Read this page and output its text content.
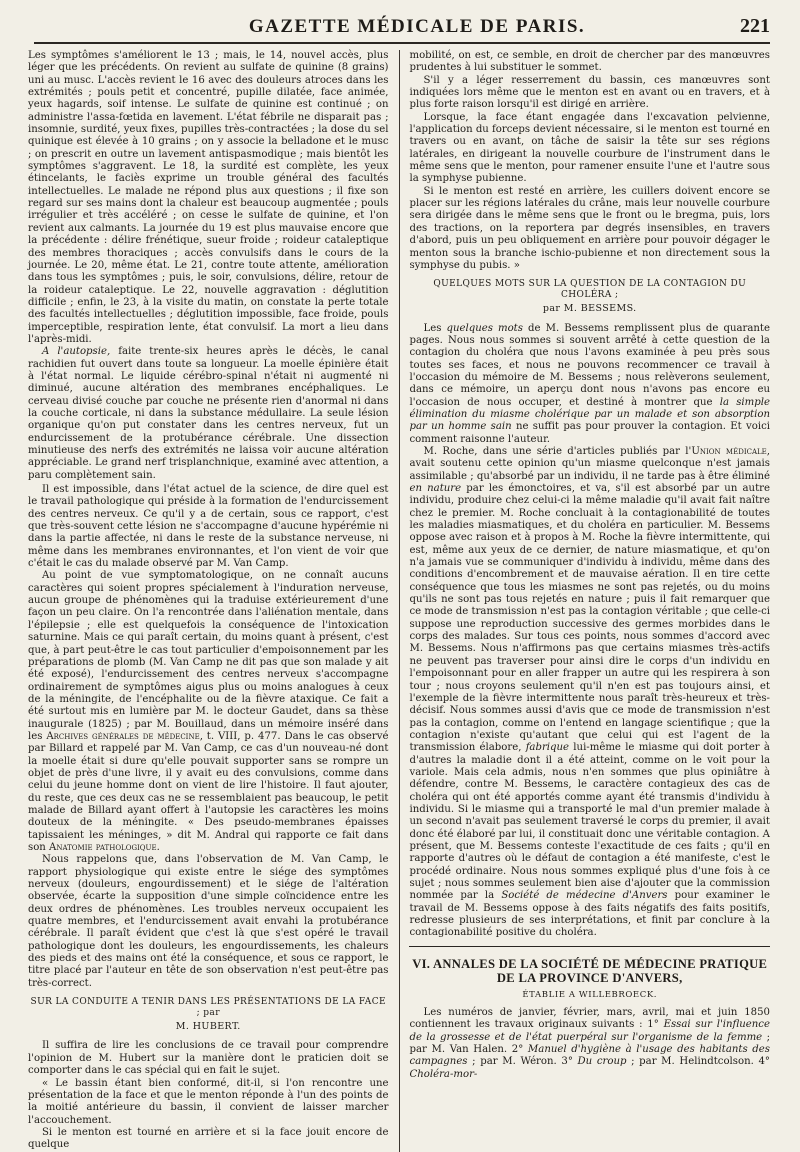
GAZETTE MÉDICALE DE PARIS.	221

Les symptômes s'améliorent le 13 ; mais, le 14, nouvel accès, plus léger que les précédents. On revient au sulfate de quinine (8 grains) uni au musc. L'accès revient le 16 avec des douleurs atroces dans les extrémités ; pouls petit et concentré, pupille dilatée, face animée, yeux hagards, soif intense. Le sulfate de quinine est continué ; on administre l'assa-fœtida en lavement. L'état fébrile ne disparait pas ; insomnie, surdité, yeux fixes, pupilles très-contractées ; la dose du sel quinique est élevée à 10 grains ; on y associe la belladone et le musc ; on prescrit en outre un lavement antispasmodique ; mais bientôt les symptômes s'aggravent. Le 18, la surdité est complète, les yeux étincelants, le faciès exprime un trouble général des facultés intellectuelles. Le malade ne répond plus aux questions ; il fixe son regard sur ses mains dont la chaleur est beaucoup augmentée ; pouls irrégulier et très accéléré ; on cesse le sulfate de quinine, et l'on revient aux calmants. La journée du 19 est plus mauvaise encore que la précédente : délire frénétique, sueur froide ; roideur cataleptique des membres thoraciques ; accès convulsifs dans le cours de la journée. Le 20, même état. Le 21, contre toute attente, amélioration dans tous les symptômes ; puis, le soir, convulsions, délire, retour de la roideur cataleptique. Le 22, nouvelle aggravation : déglutition difficile ; enfin, le 23, à la visite du matin, on constate la perte totale des facultés intellectuelles ; déglutition impossible, face froide, pouls imperceptible, respiration lente, état convulsif. La mort a lieu dans l'après-midi.

A l'autopsie, faite trente-six heures après le décès, le canal rachidien fut ouvert dans toute sa longueur. La moelle épinière était à l'état normal. Le liquide cérébro-spinal n'était ni augmenté ni diminué, aucune altération des membranes encéphaliques. Le cerveau divisé couche par couche ne présente rien d'anormal ni dans la couche corticale, ni dans la substance médullaire. La seule lésion organique qu'on put constater dans les centres nerveux, fut un endurcissement de la protubérance cérébrale. Une dissection minutieuse des nerfs des extrémités ne laissa voir aucune altération appréciable. Le grand nerf trisplanchnique, examiné avec attention, a paru complètement sain.

Il est impossible, dans l'état actuel de la science, de dire quel est le travail pathologique qui préside à la formation de l'endurcissement des centres nerveux. Ce qu'il y a de certain, sous ce rapport, c'est que très-souvent cette lésion ne s'accompagne d'aucune hypérémie ni dans la partie affectée, ni dans le reste de la substance nerveuse, ni même dans les membranes environnantes, et l'on vient de voir que c'était le cas du malade observé par M. Van Camp.

Au point de vue symptomatologique, on ne connaît aucuns caractères qui soient propres spécialement à l'induration nerveuse, aucun groupe de phénomènes qui la traduise extérieurement d'une façon un peu claire. On l'a rencontrée dans l'aliénation mentale, dans l'épilepsie ; elle est quelquefois la conséquence de l'intoxication saturnine. Mais ce qui paraît certain, du moins quant à présent, c'est que, à part peut-être le cas tout particulier d'empoisonnement par les préparations de plomb (M. Van Camp ne dit pas que son malade y ait été exposé), l'endurcissement des centres nerveux s'accompagne ordinairement de symptômes aigus plus ou moins analogues à ceux de la méningite, de l'encéphalite ou de la fièvre ataxique. Ce fait a été surtout mis en lumière par M. le docteur Gaudet, dans sa thèse inaugurale (1825) ; par M. Bouillaud, dans un mémoire inséré dans les Archives générales de médecine, t. VIII, p. 477. Dans le cas observé par Billard et rappelé par M. Van Camp, ce cas d'un nouveau-né dont la moelle était si dure qu'elle pouvait supporter sans se rompre un objet de près d'une livre, il y avait eu des convulsions, comme dans celui du jeune homme dont on vient de lire l'histoire. Il faut ajouter, du reste, que ces deux cas ne se ressemblaient pas beaucoup, le petit malade de Billard ayant offert à l'autopsie les caractères les moins douteux de la méningite. « Des pseudo-membranes épaisses tapissaient les méninges, » dit M. Andral qui rapporte ce fait dans son Anatomie pathologique.

Nous rappelons que, dans l'observation de M. Van Camp, le rapport physiologique qui existe entre le siége des symptômes nerveux (douleurs, engourdissement) et le siége de l'altération observée, écarte la supposition d'une simple coïncidence entre les deux ordres de phénomènes. Les troubles nerveux occupaient les quatre membres, et l'endurcissement avait envahi la protubérance cérébrale. Il paraît évident que c'est là que s'est opéré le travail pathologique dont les douleurs, les engourdissements, les chaleurs des pieds et des mains ont été la conséquence, et sous ce rapport, le titre placé par l'auteur en tête de son observation n'est peut-être pas très-correct.

SUR LA CONDUITE A TENIR DANS LES PRÉSENTATIONS DE LA FACE ; par
M. HUBERT.

Il suffira de lire les conclusions de ce travail pour comprendre l'opinion de M. Hubert sur la manière dont le praticien doit se comporter dans le cas spécial qui en fait le sujet.

« Le bassin étant bien conformé, dit-il, si l'on rencontre une présentation de la face et que le menton réponde à l'un des points de la moitié antérieure du bassin, il convient de laisser marcher l'accouchement.

Si le menton est tourné en arrière et si la face jouit encore de quelque

mobilité, on est, ce semble, en droit de chercher par des manœuvres prudentes à lui substituer le sommet.

S'il y a léger resserrement du bassin, ces manœuvres sont indiquées lors même que le menton est en avant ou en travers, et à plus forte raison lorsqu'il est dirigé en arrière.

Lorsque, la face étant engagée dans l'excavation pelvienne, l'application du forceps devient nécessaire, si le menton est tourné en travers ou en avant, on tâche de saisir la tête sur ses régions latérales, en dirigeant la nouvelle courbure de l'instrument dans le même sens que le menton, pour ramener ensuite l'une et l'autre sous la symphyse pubienne.

Si le menton est resté en arrière, les cuillers doivent encore se placer sur les régions latérales du crâne, mais leur nouvelle courbure sera dirigée dans le même sens que le front ou le bregma, puis, lors des tractions, on la reportera par degrés insensibles, en travers d'abord, puis un peu obliquement en arrière pour pouvoir dégager le menton sous la branche ischio-pubienne et non directement sous la symphyse du pubis. »

QUELQUES MOTS SUR LA QUESTION DE LA CONTAGION DU CHOLÉRA ;
par M. BESSEMS.

Les quelques mots de M. Bessems remplissent plus de quarante pages. Nous nous sommes si souvent arrêté à cette question de la contagion du choléra que nous l'avons examinée à peu près sous toutes ses faces, et nous ne pouvons recommencer ce travail à l'occasion du mémoire de M. Bessems ; nous relèverons seulement, dans ce mémoire, un aperçu dont nous n'avons pas encore eu l'occasion de nous occuper, et destiné à montrer que la simple élimination du miasme cholérique par un malade et son absorption par un homme sain ne suffit pas pour prouver la contagion. Et voici comment raisonne l'auteur.

M. Roche, dans une série d'articles publiés par l'Union médicale, avait soutenu cette opinion qu'un miasme quelconque n'est jamais assimilable ; qu'absorbé par un individu, il ne tarde pas à être éliminé en nature par les émonctoires, et va, s'il est absorbé par un autre individu, produire chez celui-ci la même maladie qu'il avait fait naître chez le premier. M. Roche concluait à la contagionabilité de toutes les maladies miasmatiques, et du choléra en particulier. M. Bessems oppose avec raison et à propos à M. Roche la fièvre intermittente, qui est, même aux yeux de ce dernier, de nature miasmatique, et qu'on n'a jamais vue se communiquer d'individu à individu, même dans des conditions d'encombrement et de mauvaise aération. Il en tire cette conséquence que tous les miasmes ne sont pas rejetés, ou du moins qu'ils ne sont pas tous rejetés en nature ; puis il fait remarquer que ce mode de transmission n'est pas la contagion véritable ; que celle-ci suppose une reproduction successive des germes morbides dans le corps des malades. Sur tous ces points, nous sommes d'accord avec M. Bessems. Nous n'affirmons pas que certains miasmes très-actifs ne peuvent pas traverser pour ainsi dire le corps d'un individu en l'empoisonnant pour en aller frapper un autre qui les respirera à son tour ; nous croyons seulement qu'il n'en est pas toujours ainsi, et l'exemple de la fièvre intermittente nous paraît très-heureux et très-décisif. Nous sommes aussi d'avis que ce mode de transmission n'est pas la contagion, comme on l'entend en langage scientifique ; que la contagion n'existe qu'autant que celui qui est l'agent de la transmission élabore, fabrique lui-même le miasme qui doit porter à d'autres la maladie dont il a été atteint, comme on le voit pour la variole. Mais cela admis, nous n'en sommes que plus opiniâtre à défendre, contre M. Bessems, le caractère contagieux des cas de choléra qui ont été apportés comme ayant été transmis d'individu à individu. Si le miasme qui a transporté le mal d'un premier malade à un second n'avait pas seulement traversé le corps du premier, il avait donc été élaboré par lui, il constituait donc une véritable contagion. A présent, que M. Bessems conteste l'exactitude de ces faits ; qu'il en rapporte d'autres où le défaut de contagion a été manifeste, c'est le procédé ordinaire. Nous nous sommes expliqué plus d'une fois à ce sujet ; nous sommes seulement bien aise d'ajouter que la commission nommée par la Société de médecine d'Anvers pour examiner le travail de M. Bessems oppose à des faits négatifs des faits positifs, redresse plusieurs de ses interprétations, et finit par conclure à la contagionabilité positive du choléra.

VI. ANNALES DE LA SOCIÉTÉ DE MÉDECINE PRATIQUE
DE LA PROVINCE D'ANVERS,
ÉTABLIE A WILLEBROECK.

Les numéros de janvier, février, mars, avril, mai et juin 1850 contiennent les travaux originaux suivants : 1° Essai sur l'influence de la grossesse et de l'état puerpéral sur l'organisme de la femme ; par M. Van Halen. 2° Manuel d'hygiène à l'usage des habitants des campagnes ; par M. Wéron. 3° Du croup ; par M. Helindtcolson. 4° Choléra-mor-
